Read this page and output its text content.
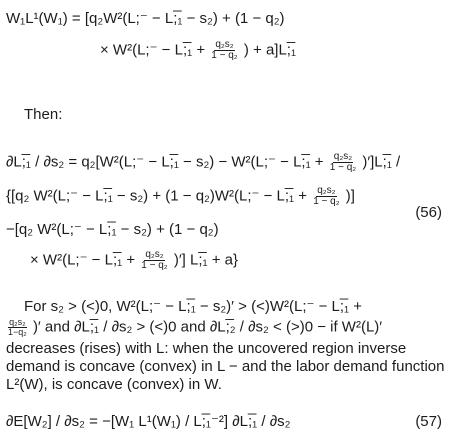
W₁L¹(W₁) = [q₂W²(L;⁻ − L;̅₁ − s₂) + (1 − q₂)
× W²(L;⁻ − L;̅₁ + $\frac{\text{q₂s₂}}{\text{1 − q₂}}$ ) + a]L;̅₁
Then:
∂L;̅₁ / ∂s₂ = q₂[W²(L;⁻ − L;̅₁ − s₂) − W²(L;⁻ − L;̅₁ + $\frac{\text{q₂s₂}}{\text{1 − q₂}}$ )′]L;̅₁ /
{[q₂ W²(L;⁻ − L;̅₁ − s₂) + (1 − q₂)W²(L;⁻ − L;̅₁ + $\frac{\text{q₂s₂}}{\text{1 − q₂}}$ )]
(56)
−[q₂ W²(L;⁻ − L;̅₁ − s₂) + (1 − q₂)
× W²(L;⁻ − L;̅₁ + $\frac{\text{q₂s₂}}{\text{1 − q₂}}$ )′] L;̅₁ + a}
For s₂ > (<)0, W²(L;⁻ − L;̅₁ − s₂)′ > (<)W²(L;⁻ − L;̅₁ +
$\frac{\text{q₂s₂}}{\text{1−q₂}}$ )′ and ∂L;̅₁ / ∂s₂ > (<)0 and ∂L;̅₂ / ∂s₂ < (>)0 − if W²(L)′
decreases (rises) with L: when the uncovered region inverse
demand is concave (convex) in L − and the labor demand function
L²(W), is concave (convex) in W.
∂E[W₂] / ∂s₂ = −[W₁ L¹(W₁) / L;̅₁⁻²] ∂L;̅₁ / ∂s₂	(57)
